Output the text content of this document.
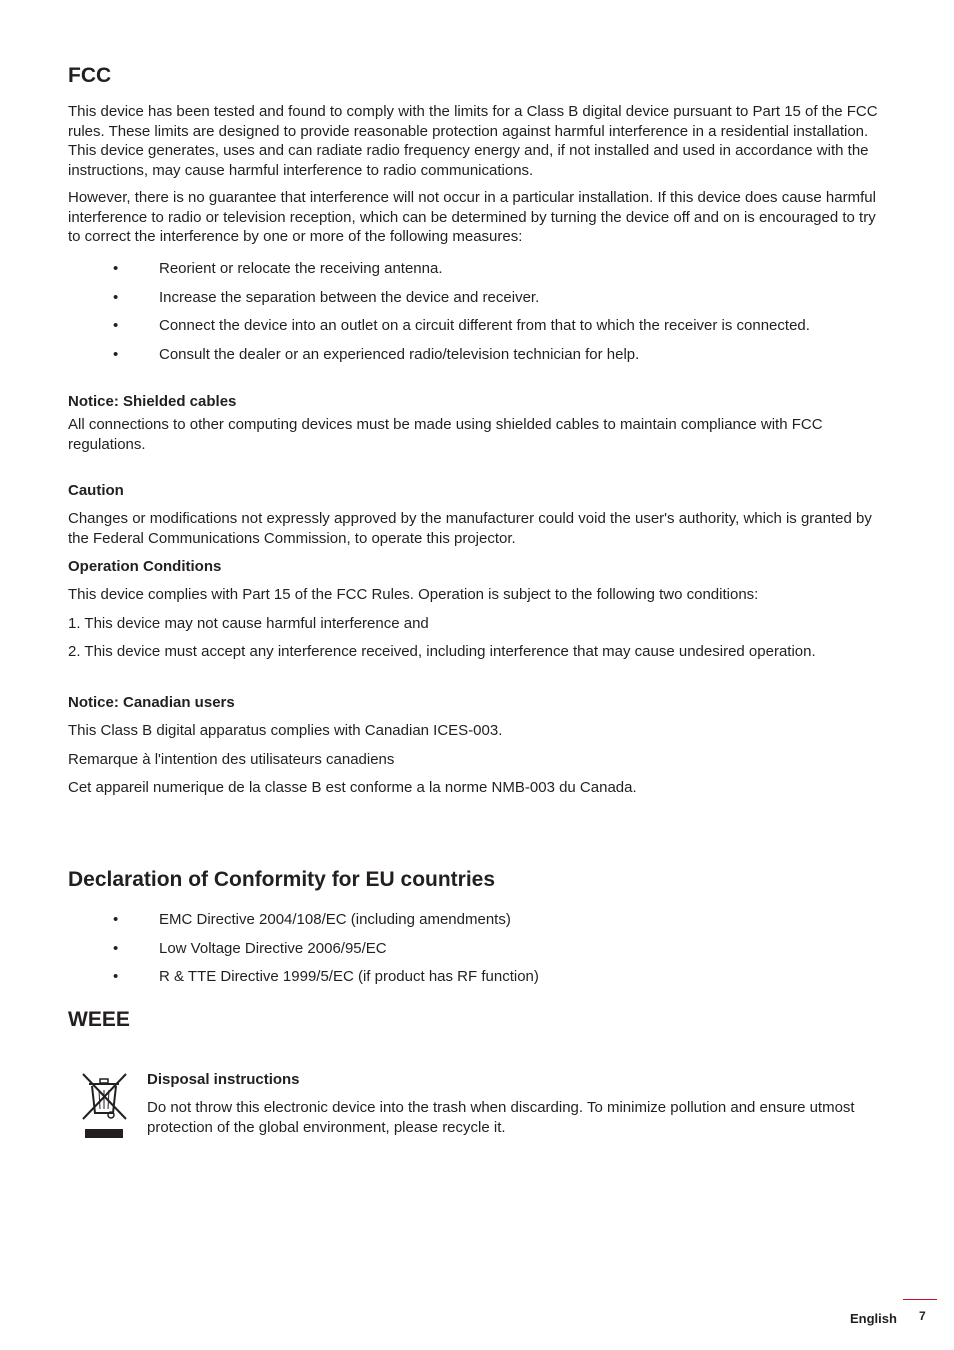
FCC

This device has been tested and found to comply with the limits for a Class B digital device pursuant to Part 15 of the FCC rules. These limits are designed to provide reasonable protection against harmful interference in a residential installation. This device generates, uses and can radiate radio frequency energy and, if not installed and used in accordance with the instructions, may cause harmful interference to radio communications.

However, there is no guarantee that interference will not occur in a particular installation. If this device does cause harmful interference to radio or television reception, which can be determined by turning the device off and on is encouraged to try to correct the interference by one or more of the following measures:

•	Reorient or relocate the receiving antenna.
•	Increase the separation between the device and receiver.
•	Connect the device into an outlet on a circuit different from that to which the receiver is connected.
•	Consult the dealer or an experienced radio/television technician for help.
Notice: Shielded cables

All connections to other computing devices must be made using shielded cables to maintain compliance with FCC regulations.

Caution

Changes or modifications not expressly approved by the manufacturer could void the user's authority, which is granted by the Federal Communications Commission, to operate this projector.

Operation Conditions

This device complies with Part 15 of the FCC Rules. Operation is subject to the following two conditions:

1. This device may not cause harmful interference and

2. This device must accept any interference received, including interference that may cause undesired operation.

Notice: Canadian users

This Class B digital apparatus complies with Canadian ICES-003.

Remarque à l'intention des utilisateurs canadiens

Cet appareil numerique de la classe B est conforme a la norme NMB-003 du Canada.

Declaration of Conformity for EU countries
•	EMC Directive 2004/108/EC (including amendments)
•	Low Voltage Directive 2006/95/EC
•	R & TTE Directive 1999/5/EC (if product has RF function)
WEEE
Disposal instructions

Do not throw this electronic device into the trash when discarding. To minimize pollution and ensure utmost protection of the global environment, please recycle it.

English 7
